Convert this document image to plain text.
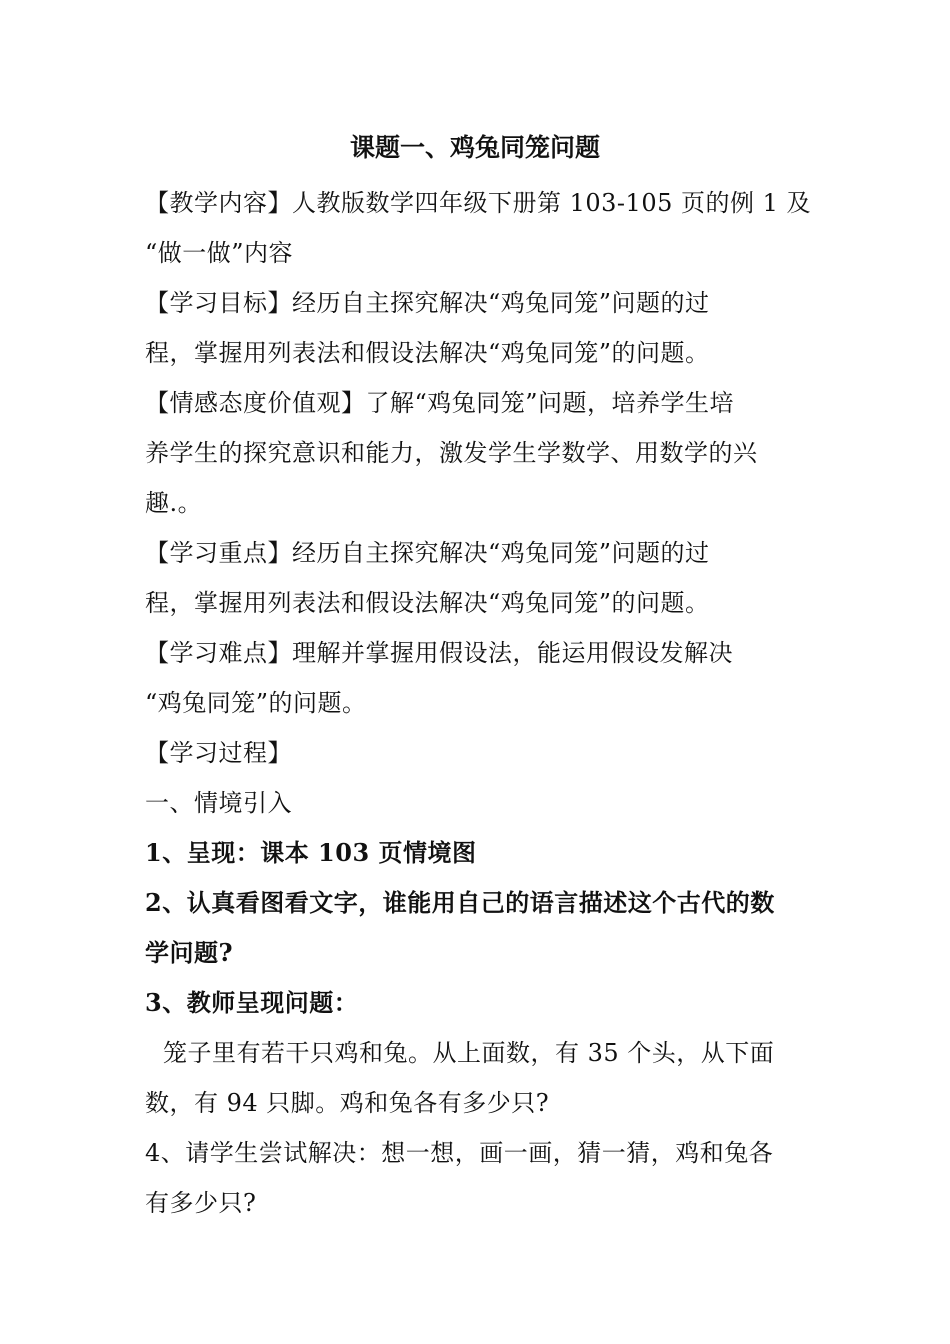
课题一、鸡兔同笼问题
【教学内容】人教版数学四年级下册第 103-105 页的例 1 及
“做一做”内容
【学习目标】经历自主探究解决“鸡兔同笼”问题的过
程，掌握用列表法和假设法解决“鸡兔同笼”的问题。
【情感态度价值观】了解“鸡兔同笼”问题，培养学生培
养学生的探究意识和能力，激发学生学数学、用数学的兴
趣.。
【学习重点】经历自主探究解决“鸡兔同笼”问题的过
程，掌握用列表法和假设法解决“鸡兔同笼”的问题。
【学习难点】理解并掌握用假设法，能运用假设发解决
“鸡兔同笼”的问题。
【学习过程】
一、情境引入
1、呈现：课本 103 页情境图
2、认真看图看文字，谁能用自己的语言描述这个古代的数
学问题?
3、教师呈现问题：
笼子里有若干只鸡和兔。从上面数，有 35 个头，从下面
数，有 94 只脚。鸡和兔各有多少只?
4、请学生尝试解决：想一想，画一画，猜一猜，鸡和兔各
有多少只?
